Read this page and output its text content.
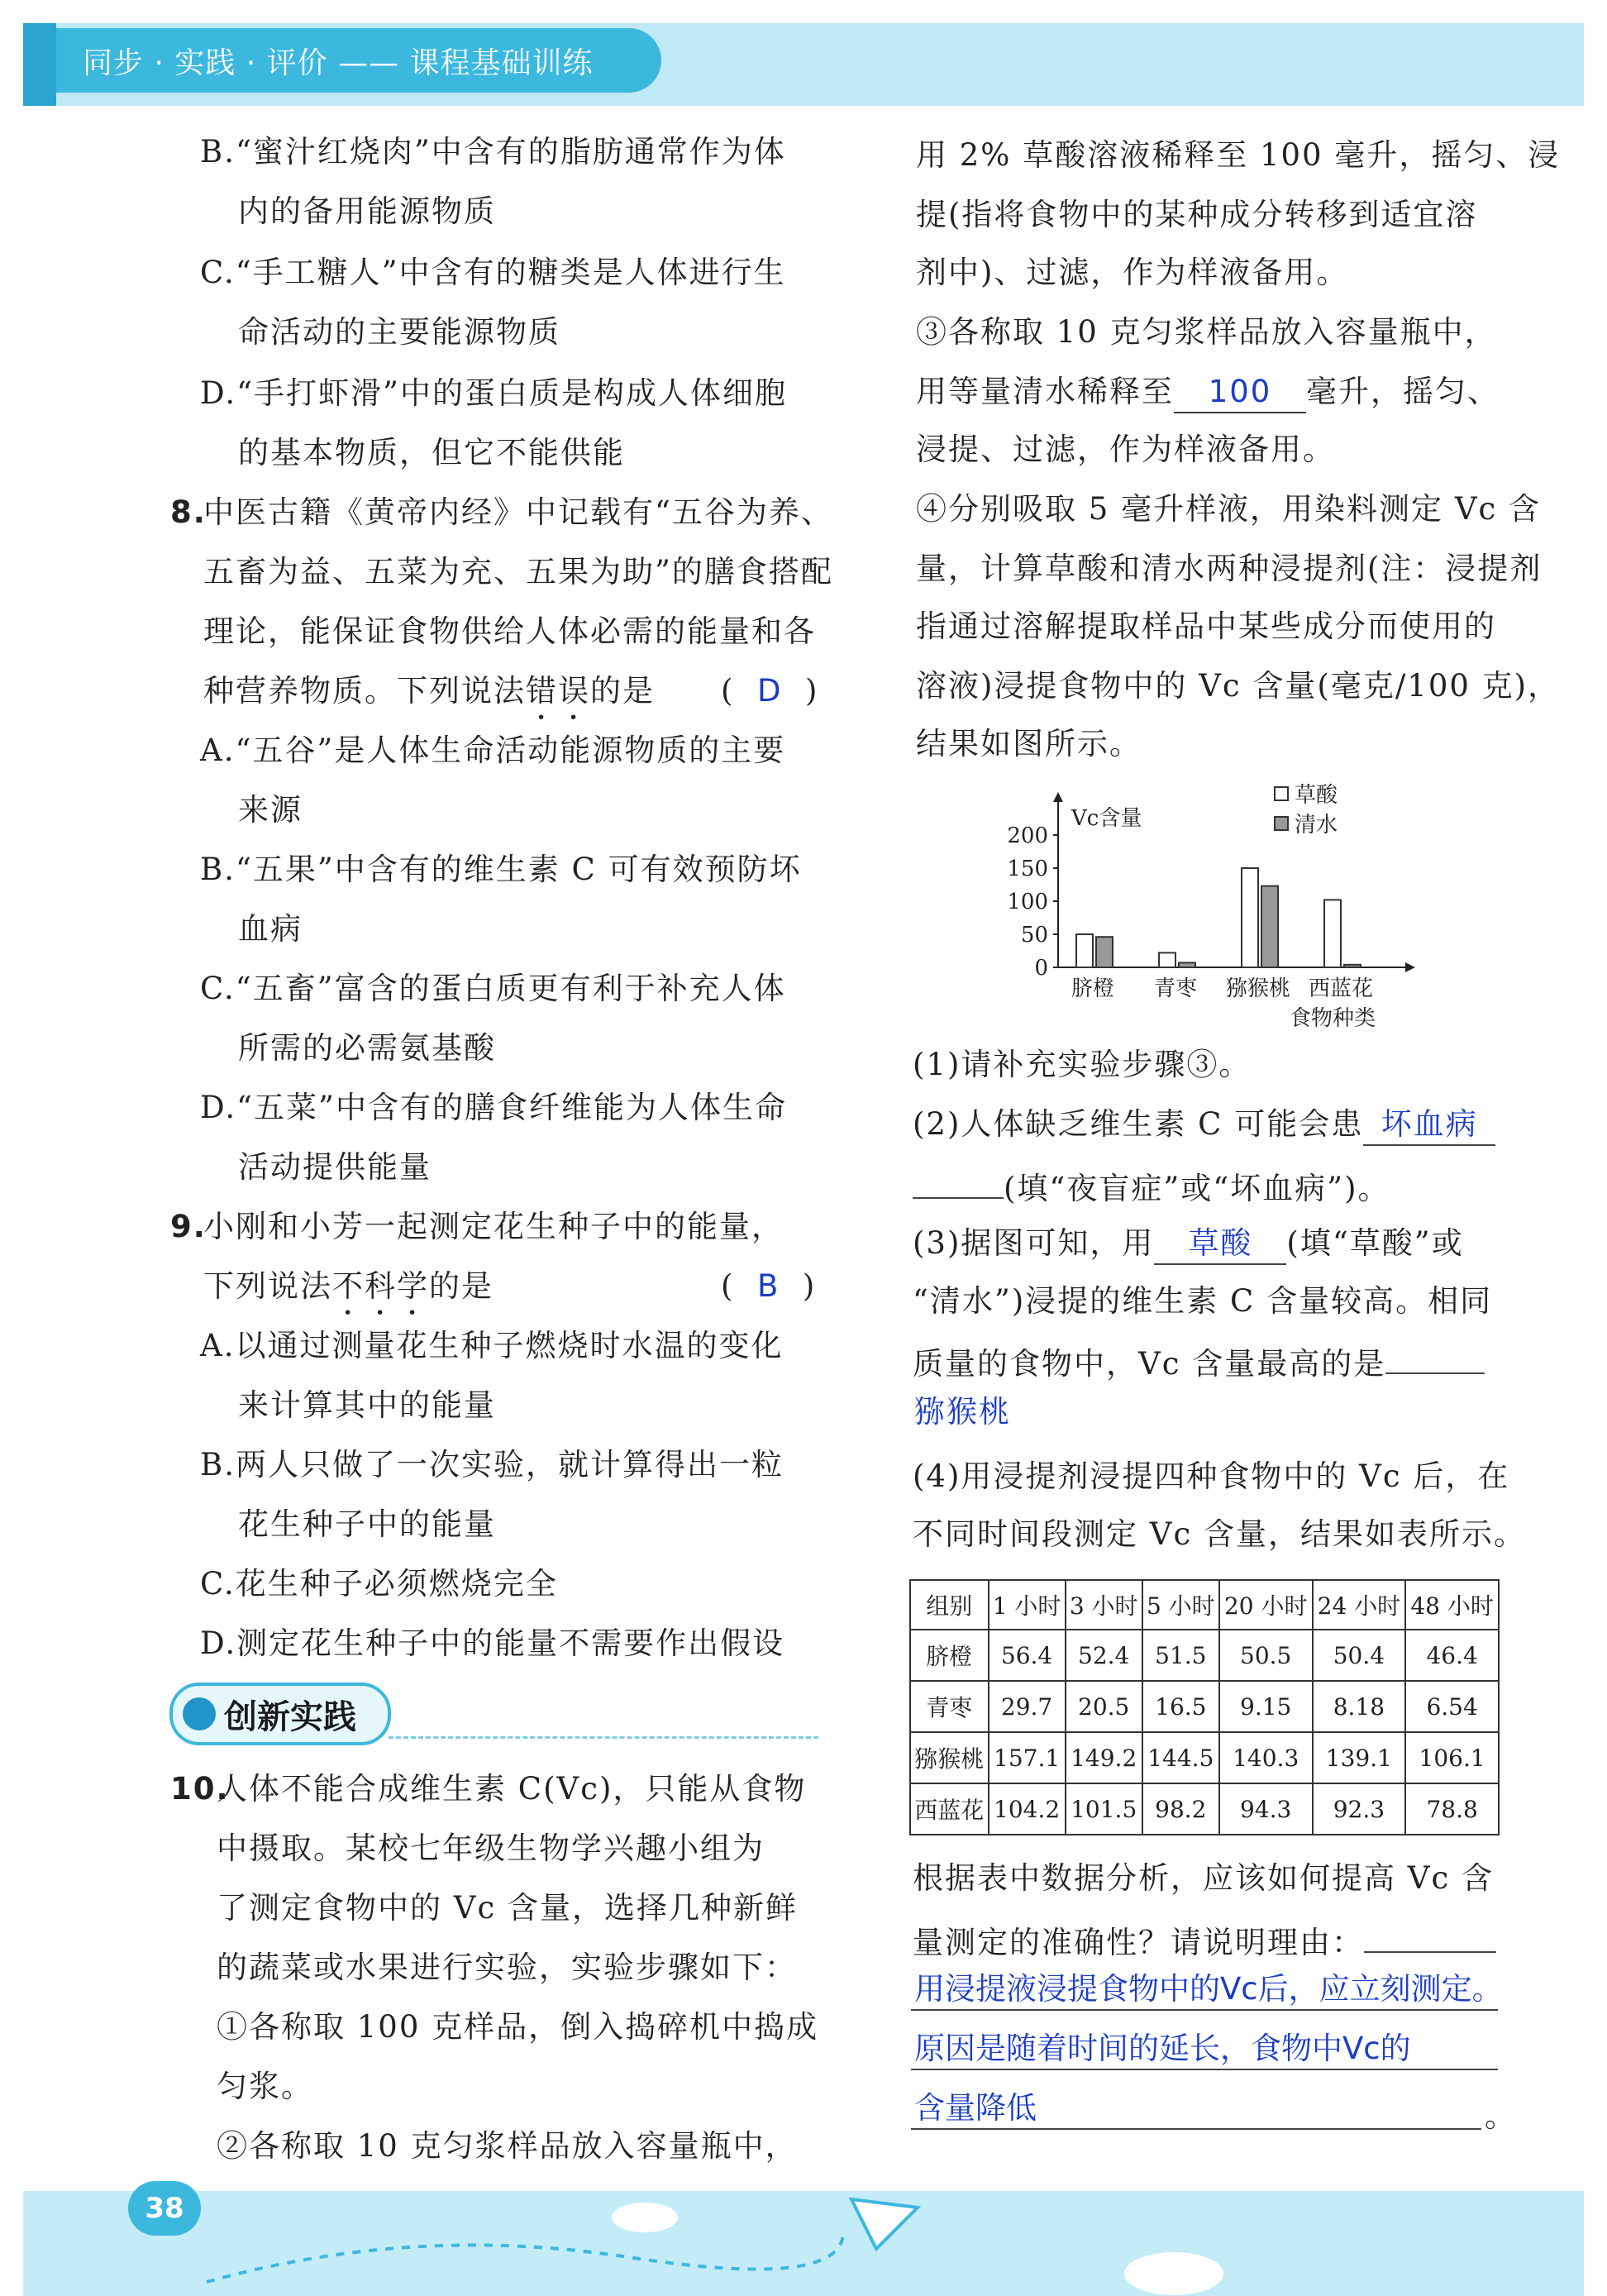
同步 · 实践 · 评价 —— 课程基础训练
B.“蜜汁红烧肉”中含有的脂肪通常作为体
内的备用能源物质
C.“手工糖人”中含有的糖类是人体进行生
命活动的主要能源物质
D.“手打虾滑”中的蛋白质是构成人体细胞
的基本物质，但它不能供能
8.
中医古籍《黄帝内经》中记载有“五谷为养、
五畜为益、五菜为充、五果为助”的膳食搭配
理论，能保证食物供给人体必需的能量和各
种营养物质。下列说法错误的是 (  D  )
A.“五谷”是人体生命活动能源物质的主要
来源
B.“五果”中含有的维生素 C 可有效预防坏
血病
C.“五畜”富含的蛋白质更有利于补充人体
所需的必需氨基酸
D.“五菜”中含有的膳食纤维能为人体生命
活动提供能量
9.
小刚和小芳一起测定花生种子中的能量，
下列说法不科学的是	(  B  )
A.以通过测量花生种子燃烧时水温的变化
来计算其中的能量
B.两人只做了一次实验，就计算得出一粒
花生种子中的能量
C.花生种子必须燃烧完全
D.测定花生种子中的能量不需要作出假设
创新实践
10.
人体不能合成维生素 C(Vc)，只能从食物
中摄取。某校七年级生物学兴趣小组为
了测定食物中的 Vc 含量，选择几种新鲜
的蔬菜或水果进行实验，实验步骤如下：
①各称取 100 克样品，倒入捣碎机中捣成
匀浆。
②各称取 10 克匀浆样品放入容量瓶中，
用 2% 草酸溶液稀释至 100 毫升，摇匀、浸
提(指将食物中的某种成分转移到适宜溶
剂中)、过滤，作为样液备用。
③各称取 10 克匀浆样品放入容量瓶中，
用等量清水稀释至 100 毫升，摇匀、
浸提、过滤，作为样液备用。
④分别吸取 5 毫升样液，用染料测定 Vc 含
量，计算草酸和清水两种浸提剂(注：浸提剂
指通过溶解提取样品中某些成分而使用的
溶液)浸提食物中的 Vc 含量(毫克/100 克)，
结果如图所示。
Vc含量
食物种类
草酸
清水
0
50
100
150
200
脐橙 青枣 猕猴桃 西蓝花
(1)请补充实验步骤③。
(2)人体缺乏维生素 C 可能会患 坏血病
(填“夜盲症”或“坏血病”)。
(3)据图可知，用 草酸 (填“草酸”或
“清水”)浸提的维生素 C 含量较高。相同
质量的食物中，Vc 含量最高的是
猕猴桃
(4)用浸提剂浸提四种食物中的 Vc 后，在
不同时间段测定 Vc 含量，结果如表所示。
组别	1 小时	3 小时	5 小时	20 小时	24 小时	48 小时
脐橙	56.4	52.4	51.5	50.5	50.4	46.4
青枣	29.7	20.5	16.5	9.15	8.18	6.54
猕猴桃	157.1	149.2	144.5	140.3	139.1	106.1
西蓝花	104.2	101.5	98.2	94.3	92.3	78.8
根据表中数据分析，应该如何提高 Vc 含
量测定的准确性？请说明理由：
用浸提液浸提食物中的Vc后，应立刻测定。
原因是随着时间的延长，食物中Vc的
含量降低	。
38
